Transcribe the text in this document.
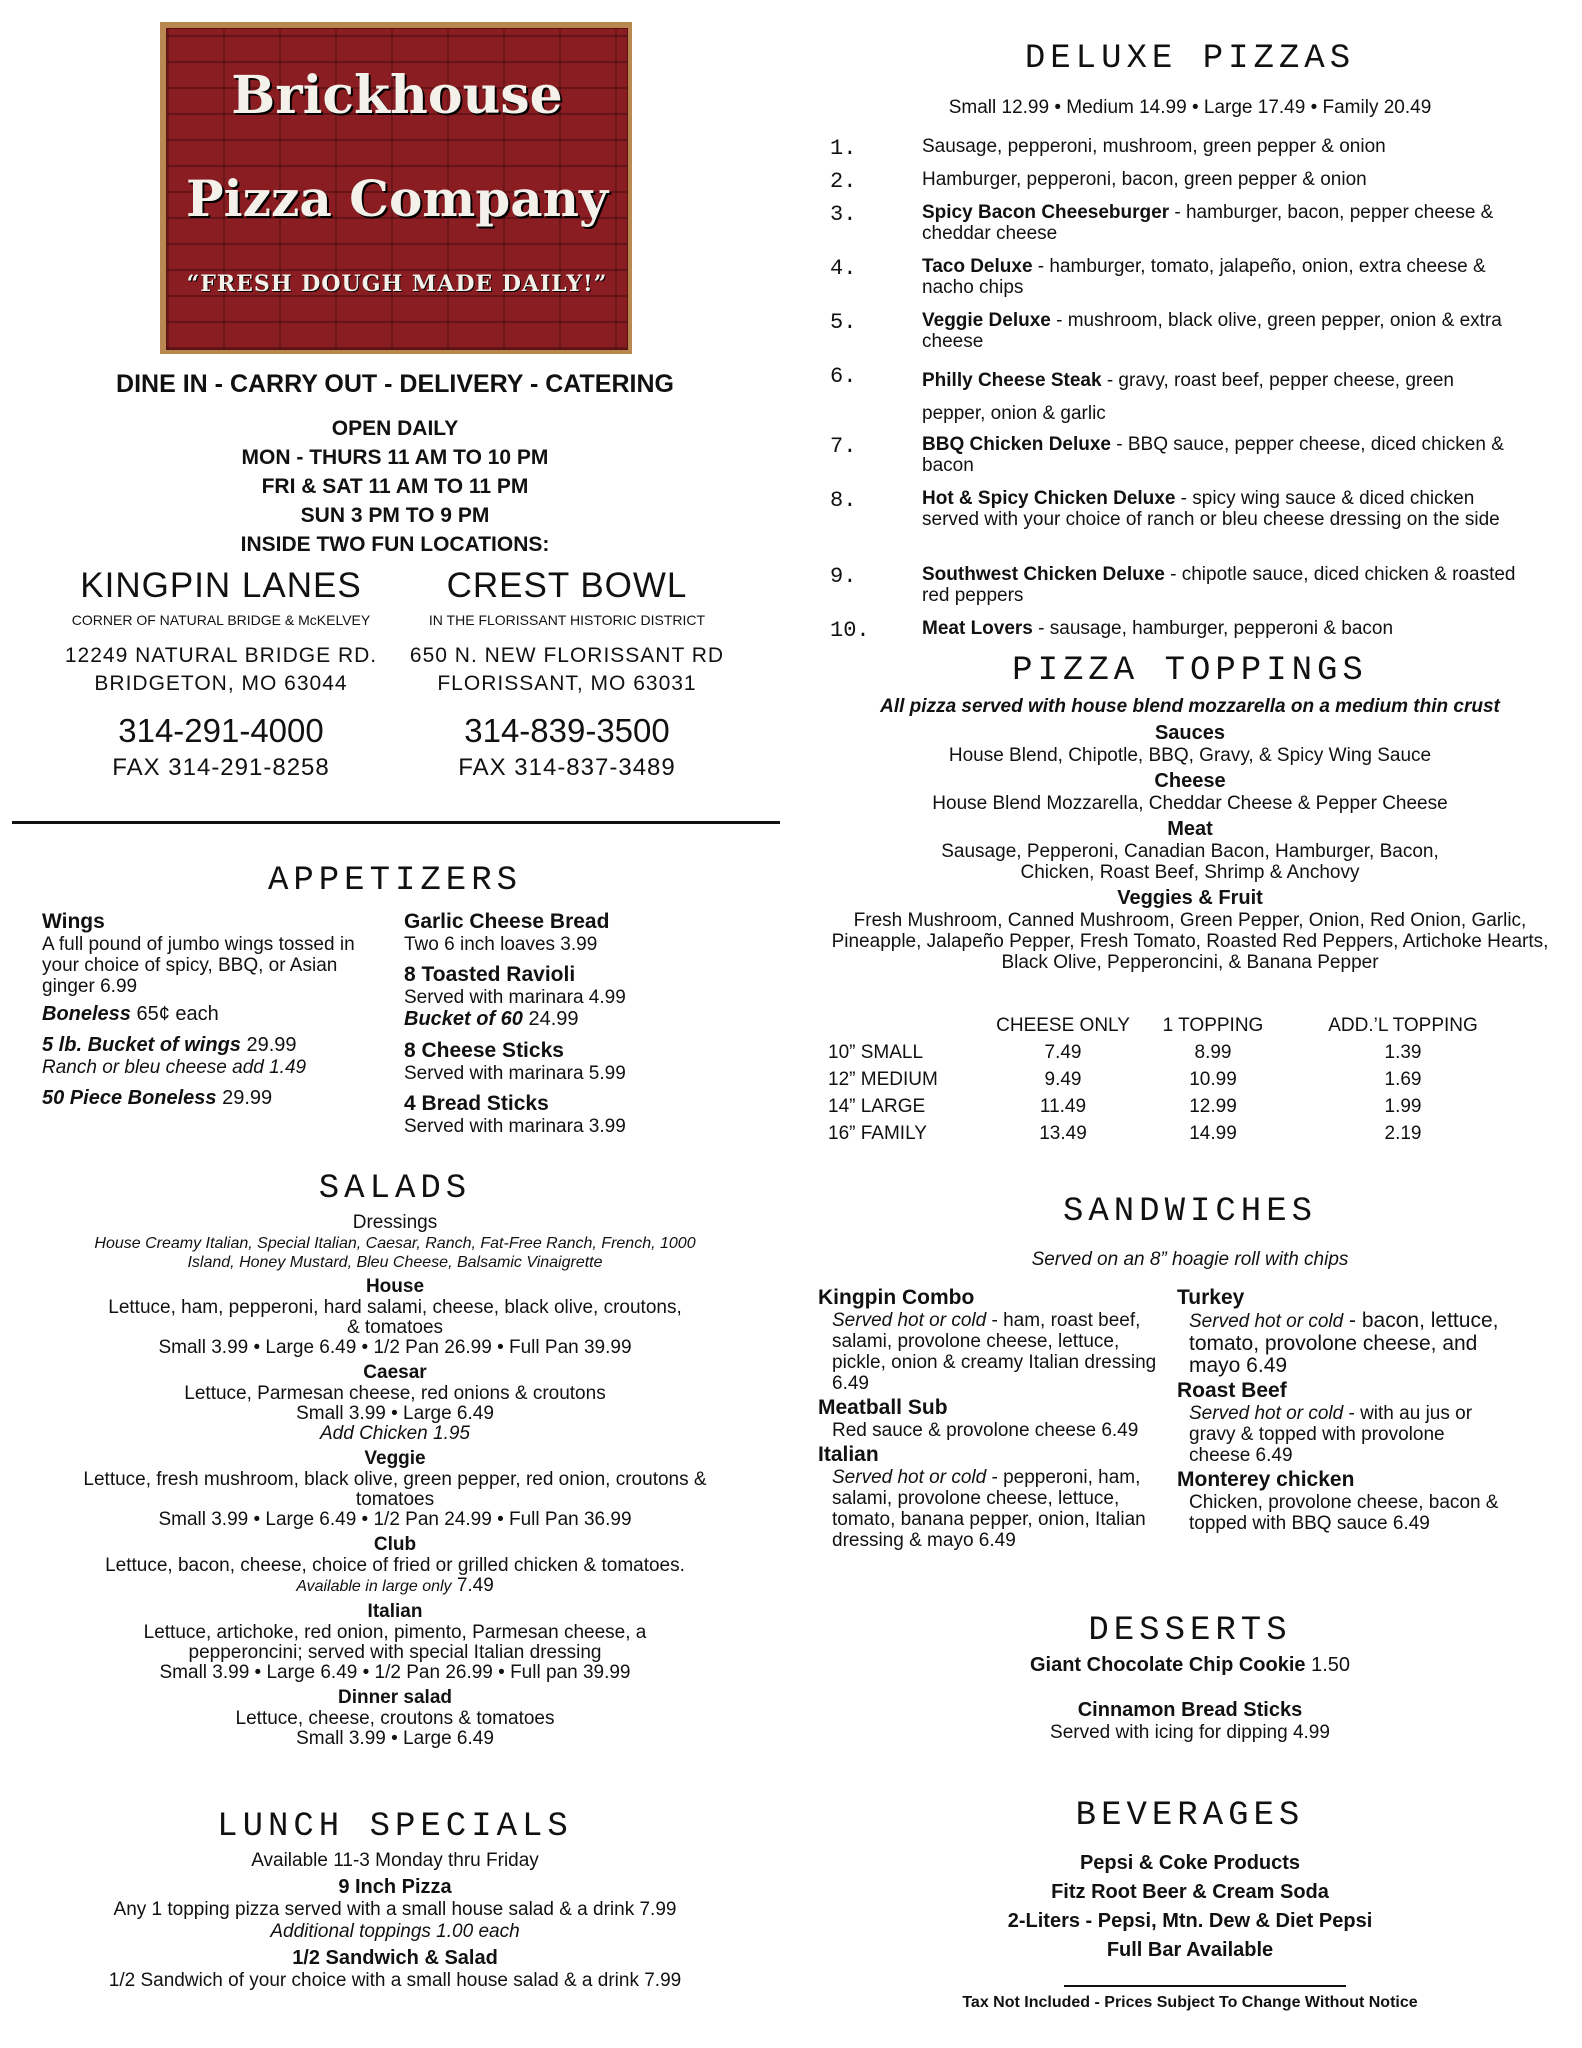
Brickhouse
Pizza Company
“FRESH DOUGH MADE DAILY!”
DINE IN - CARRY OUT - DELIVERY - CATERING
OPEN DAILY
MON - THURS 11 AM TO 10 PM
FRI & SAT 11 AM TO 11 PM
SUN 3 PM TO 9 PM
INSIDE TWO FUN LOCATIONS:
KINGPIN LANES
CORNER OF NATURAL BRIDGE & McKELVEY
12249 NATURAL BRIDGE RD.
BRIDGETON, MO 63044
314-291-4000
FAX 314-291-8258
CREST BOWL
IN THE FLORISSANT HISTORIC DISTRICT
650 N. NEW FLORISSANT RD
FLORISSANT, MO 63031
314-839-3500
FAX 314-837-3489
APPETIZERS
Wings
A full pound of jumbo wings tossed in your choice of spicy, BBQ, or Asian ginger 6.99
Boneless 65¢ each
5 lb. Bucket of wings 29.99
Ranch or bleu cheese add 1.49
50 Piece Boneless 29.99
Garlic Cheese Bread
Two 6 inch loaves 3.99
8 Toasted Ravioli
Served with marinara 4.99
Bucket of 60 24.99
8 Cheese Sticks
Served with marinara 5.99
4 Bread Sticks
Served with marinara 3.99
SALADS
Dressings
House Creamy Italian, Special Italian, Caesar, Ranch, Fat-Free Ranch, French, 1000 Island, Honey Mustard, Bleu Cheese, Balsamic Vinaigrette
House
Lettuce, ham, pepperoni, hard salami, cheese, black olive, croutons, & tomatoes
Small 3.99 • Large 6.49 • 1/2 Pan 26.99 • Full Pan 39.99
Caesar
Lettuce, Parmesan cheese, red onions & croutons
Small 3.99 • Large 6.49
Add Chicken 1.95
Veggie
Lettuce, fresh mushroom, black olive, green pepper, red onion, croutons & tomatoes
Small 3.99 • Large 6.49 • 1/2 Pan 24.99 • Full Pan 36.99
Club
Lettuce, bacon, cheese, choice of fried or grilled chicken & tomatoes. Available in large only 7.49
Italian
Lettuce, artichoke, red onion, pimento, Parmesan cheese, a pepperoncini; served with special Italian dressing
Small 3.99 • Large 6.49 • 1/2 Pan 26.99 • Full pan 39.99
Dinner salad
Lettuce, cheese, croutons & tomatoes
Small 3.99 • Large 6.49
LUNCH SPECIALS
Available 11-3 Monday thru Friday
9 Inch Pizza
Any 1 topping pizza served with a small house salad & a drink 7.99
Additional toppings 1.00 each
1/2 Sandwich & Salad
1/2 Sandwich of your choice with a small house salad & a drink 7.99
DELUXE PIZZAS
Small 12.99 • Medium 14.99 • Large 17.49 • Family 20.49
1.	Sausage, pepperoni, mushroom, green pepper & onion
2.	Hamburger, pepperoni, bacon, green pepper & onion
3.	Spicy Bacon Cheeseburger - hamburger, bacon, pepper cheese & cheddar cheese
4.	Taco Deluxe - hamburger, tomato, jalapeño, onion, extra cheese & nacho chips
5.	Veggie Deluxe - mushroom, black olive, green pepper, onion & extra cheese
6.	Philly Cheese Steak - gravy, roast beef, pepper cheese, green pepper, onion & garlic
7.	BBQ Chicken Deluxe - BBQ sauce, pepper cheese, diced chicken & bacon
8.	Hot & Spicy Chicken Deluxe - spicy wing sauce & diced chicken served with your choice of ranch or bleu cheese dressing on the side
9.	Southwest Chicken Deluxe - chipotle sauce, diced chicken & roasted red peppers
10.	Meat Lovers - sausage, hamburger, pepperoni & bacon
PIZZA TOPPINGS
All pizza served with house blend mozzarella on a medium thin crust
Sauces
House Blend, Chipotle, BBQ, Gravy, & Spicy Wing Sauce
Cheese
House Blend Mozzarella, Cheddar Cheese & Pepper Cheese
Meat
Sausage, Pepperoni, Canadian Bacon, Hamburger, Bacon, Chicken, Roast Beef, Shrimp & Anchovy
Veggies & Fruit
Fresh Mushroom, Canned Mushroom, Green Pepper, Onion, Red Onion, Garlic, Pineapple, Jalapeño Pepper, Fresh Tomato, Roasted Red Peppers, Artichoke Hearts, Black Olive, Pepperoncini, & Banana Pepper
	CHEESE ONLY	1 TOPPING	ADD.’L TOPPING
10” SMALL	7.49	8.99	1.39
12” MEDIUM	9.49	10.99	1.69
14” LARGE	11.49	12.99	1.99
16” FAMILY	13.49	14.99	2.19
SANDWICHES
Served on an 8” hoagie roll with chips
Kingpin Combo
Served hot or cold - ham, roast beef, salami, provolone cheese, lettuce, pickle, onion & creamy Italian dressing 6.49
Meatball Sub
Red sauce & provolone cheese 6.49
Italian
Served hot or cold - pepperoni, ham, salami, provolone cheese, lettuce, tomato, banana pepper, onion, Italian dressing & mayo 6.49
Turkey
Served hot or cold - bacon, lettuce, tomato, provolone cheese, and mayo 6.49
Roast Beef
Served hot or cold - with au jus or gravy & topped with provolone cheese 6.49
Monterey chicken
Chicken, provolone cheese, bacon & topped with BBQ sauce 6.49
DESSERTS
Giant Chocolate Chip Cookie 1.50
Cinnamon Bread Sticks
Served with icing for dipping 4.99
BEVERAGES
Pepsi & Coke Products
Fitz Root Beer & Cream Soda
2-Liters - Pepsi, Mtn. Dew & Diet Pepsi
Full Bar Available
Tax Not Included - Prices Subject To Change Without Notice
